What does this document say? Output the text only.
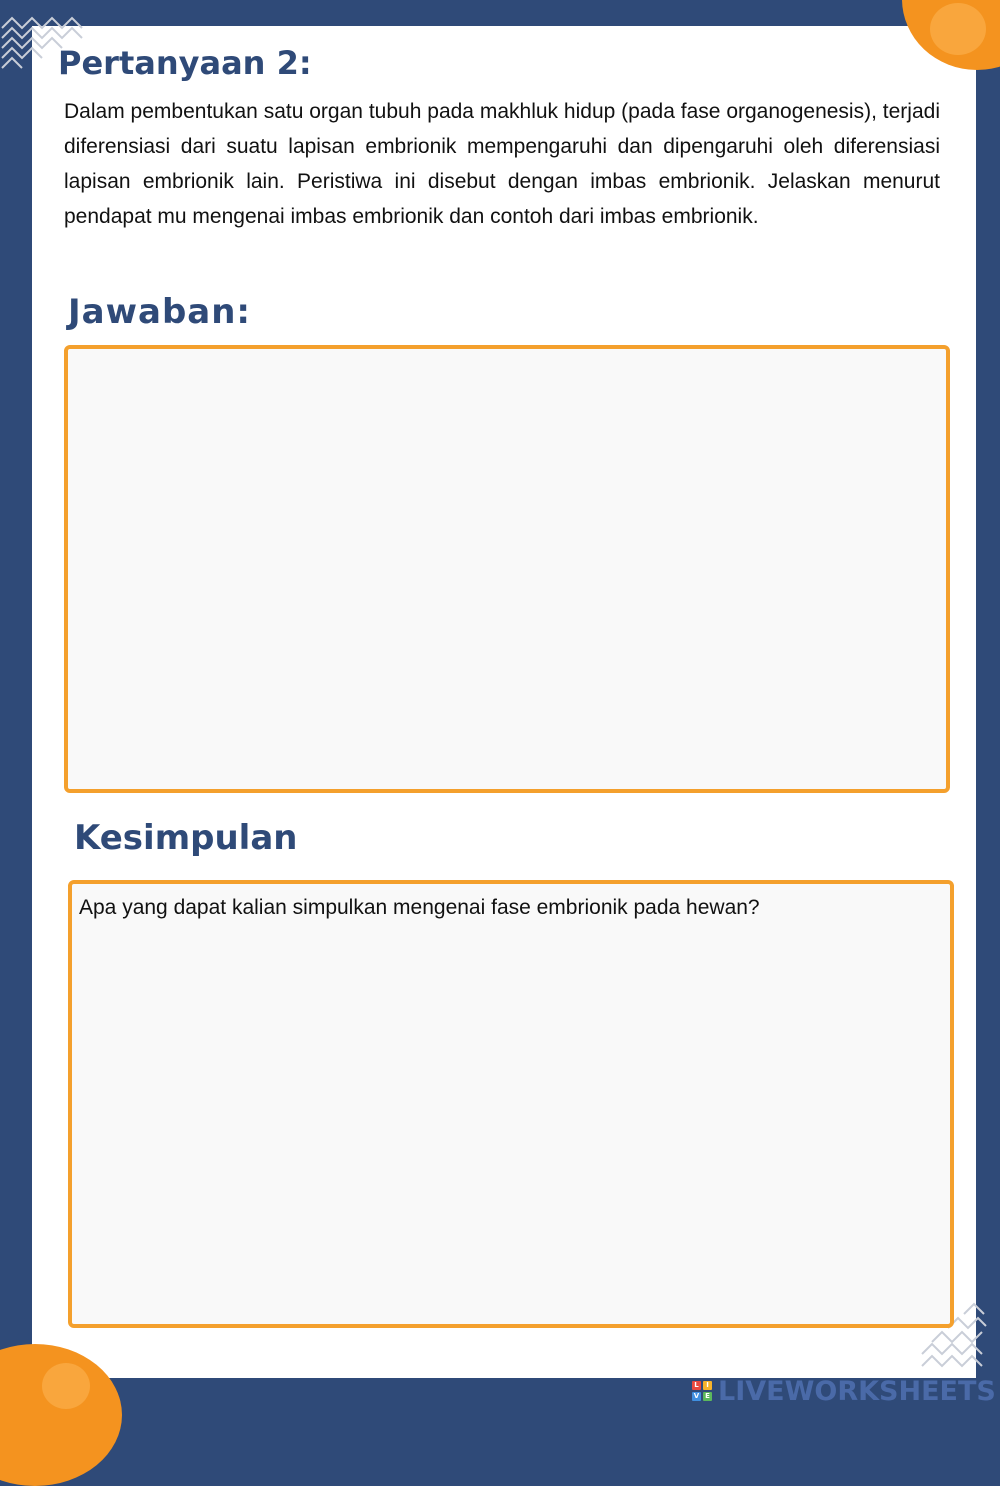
Pertanyaan 2:

Dalam pembentukan satu organ tubuh pada makhluk hidup (pada fase organogenesis), terjadi diferensiasi dari suatu lapisan embrionik mempengaruhi dan dipengaruhi oleh diferensiasi lapisan embrionik lain. Peristiwa ini disebut dengan imbas embrionik. Jelaskan menurut pendapat mu mengenai imbas embrionik dan contoh dari imbas embrionik.

Jawaban:
Kesimpulan

Apa yang dapat kalian simpulkan mengenai fase embrionik pada hewan?

L	I
V E LIVEWORKSHEETS
